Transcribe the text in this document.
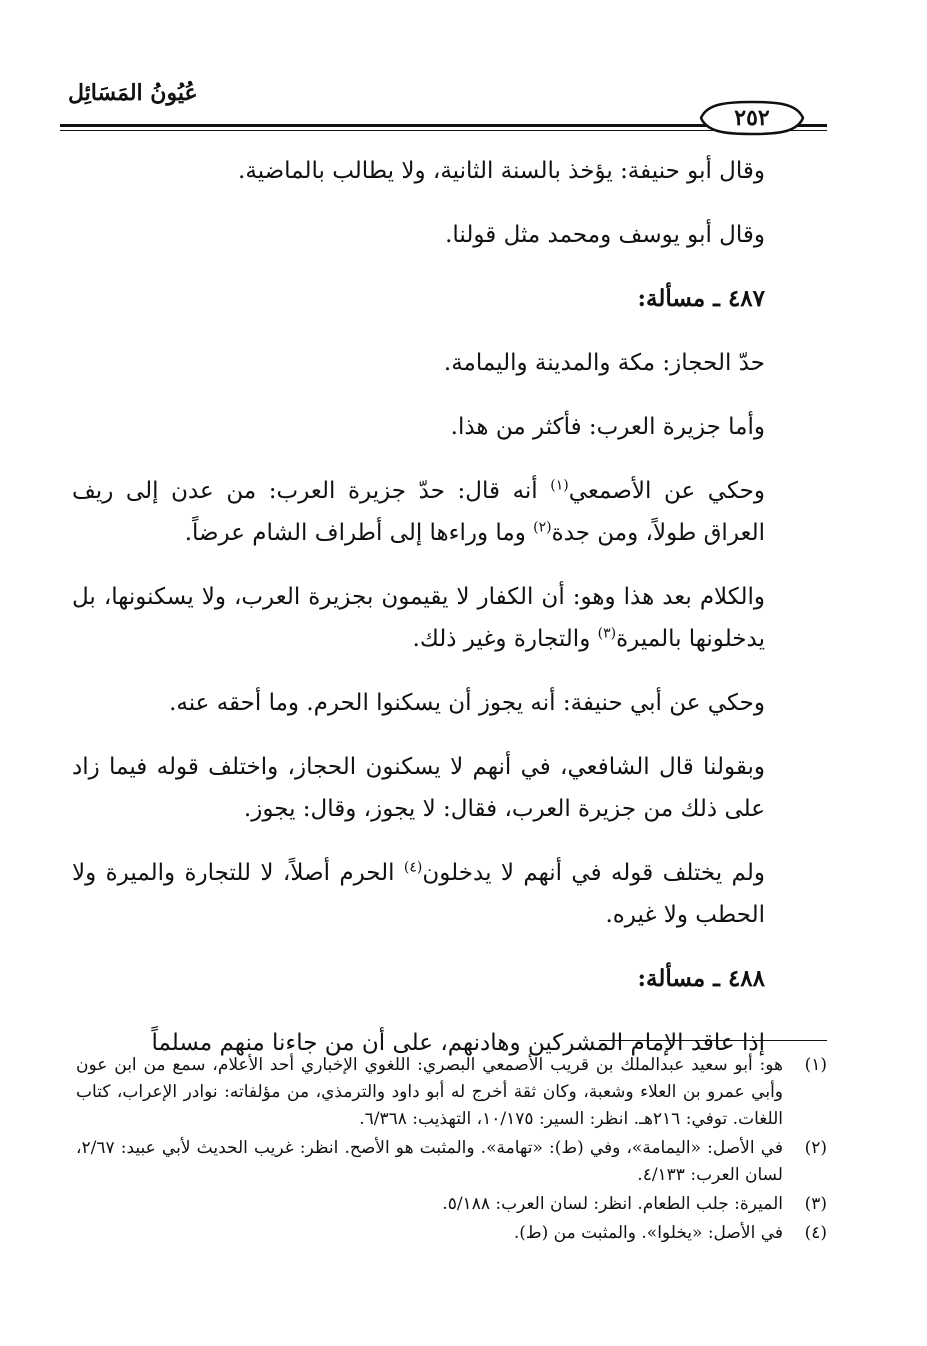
عُيُونُ المَسَائِل
٢٥٢

وقال أبو حنيفة: يؤخذ بالسنة الثانية، ولا يطالب بالماضية.

وقال أبو يوسف ومحمد مثل قولنا.

٤٨٧ ـ مسألة:

حدّ الحجاز: مكة والمدينة واليمامة.

وأما جزيرة العرب: فأكثر من هذا.

وحكي عن الأصمعي$^{(١)}$ أنه قال: حدّ جزيرة العرب: من عدن إلى ريف العراق طولاً، ومن جدة$^{(٢)}$ وما وراءها إلى أطراف الشام عرضاً.

والكلام بعد هذا وهو: أن الكفار لا يقيمون بجزيرة العرب، ولا يسكنونها، بل يدخلونها بالميرة$^{(٣)}$ والتجارة وغير ذلك.

وحكي عن أبي حنيفة: أنه يجوز أن يسكنوا الحرم. وما أحقه عنه.

وبقولنا قال الشافعي، في أنهم لا يسكنون الحجاز، واختلف قوله فيما زاد على ذلك من جزيرة العرب، فقال: لا يجوز، وقال: يجوز.

ولم يختلف قوله في أنهم لا يدخلون$^{(٤)}$ الحرم أصلاً، لا للتجارة والميرة ولا الحطب ولا غيره.

٤٨٨ ـ مسألة:

إذا عاقد الإمام المشركين وهادنهم، على أن من جاءنا منهم مسلماً

(١)
هو: أبو سعيد عبدالملك بن قريب الأصمعي البصري: اللغوي الإخباري أحد الأعلام، سمع من ابن عون وأبي عمرو بن العلاء وشعبة، وكان ثقة أخرج له أبو داود والترمذي، من مؤلفاته: نوادر الإعراب، كتاب اللغات. توفي: ٢١٦هـ. انظر: السير: ١٠/١٧٥، التهذيب: ٦/٣٦٨.
(٢)
في الأصل: «اليمامة»، وفي (ط): «تهامة». والمثبت هو الأصح. انظر: غريب الحديث لأبي عبيد: ٢/٦٧، لسان العرب: ٤/١٣٣.
(٣)
الميرة: جلب الطعام. انظر: لسان العرب: ٥/١٨٨.
(٤)
في الأصل: «يخلوا». والمثبت من (ط).
